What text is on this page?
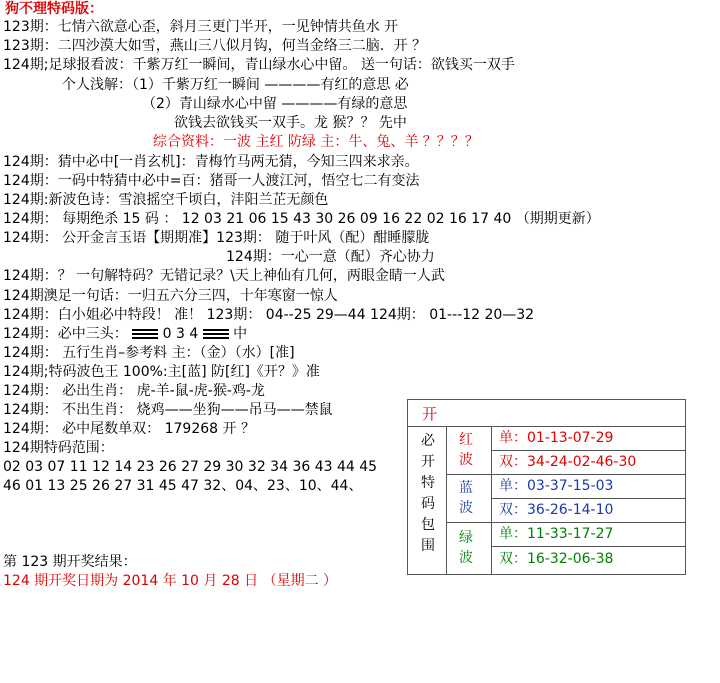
狗不理特码版：
123期：七情六欲意心歪，斜月三更门半开，一见钟情共鱼水 开
123期：二四沙漠大如雪，燕山三八似月钩，何当金络三二脑．开 ？
124期;足球报看波：千紫万红一瞬间，青山绿水心中留。 送一句话：欲钱买一双手
个人浅解：（1）千紫万红一瞬间 ————有红的意思 必
（2）青山绿水心中留 ————有绿的意思
欲钱去欲钱买一双手。龙 猴？？ 先中
综合资料：一波 主红 防绿 主：牛、兔、羊 ？？？？
124期：猜中必中[一肖玄机]：青梅竹马两无猜，今知三四来求亲。
124期：一码中特猜中必中=百：猪哥一人渡江河，悟空七二有变法
124期:新波色诗：雪浪摇空千顷白，沣阳兰芷无颜色
124期： 每期绝杀 15 码 ： 12 03 21 06 15 43 30 26 09 16 22 02 16 17 40 （期期更新）
124期： 公开金言玉语【期期准】123期： 随于叶风（配）酣睡朦胧
124期：一心一意（配）齐心协力
124期：？ 一句解特码？无错记录？\天上神仙有几何，两眼金睛一人武
124期澳足一句话：一归五六分三四，十年寒窗一惊人
124期：白小姐必中特段！ 准！ 123期： 04--25 29—44 124期： 01---12 20—32
124期：必中三头： 0 3 4 中
124期： 五行生肖–参考料 主：（金）（水）[准]
124期;特码波色王 100%:主[蓝] 防[红]《开？》准
124期： 必出生肖： 虎-羊-鼠-虎-猴-鸡-龙
124期： 不出生肖： 烧鸡——坐狗——吊马——禁鼠
124期： 必中尾数单双： 179268 开 ？
124期特码范围：
02 03 07 11 12 14 23 26 27 29 30 32 34 36 43 44 45
46 01 13 25 26 27 31 45 47 32、04、23、10、44、
第 123 期开奖结果：
124 期开奖日期为 2014 年 10 月 28 日 （星期二 ）
开
必
开
特
码
包
围
红
波
蓝
波
绿
波
单： 01-13-07-29
双： 34-24-02-46-30
单： 03-37-15-03
双： 36-26-14-10
单： 11-33-17-27
双： 16-32-06-38
